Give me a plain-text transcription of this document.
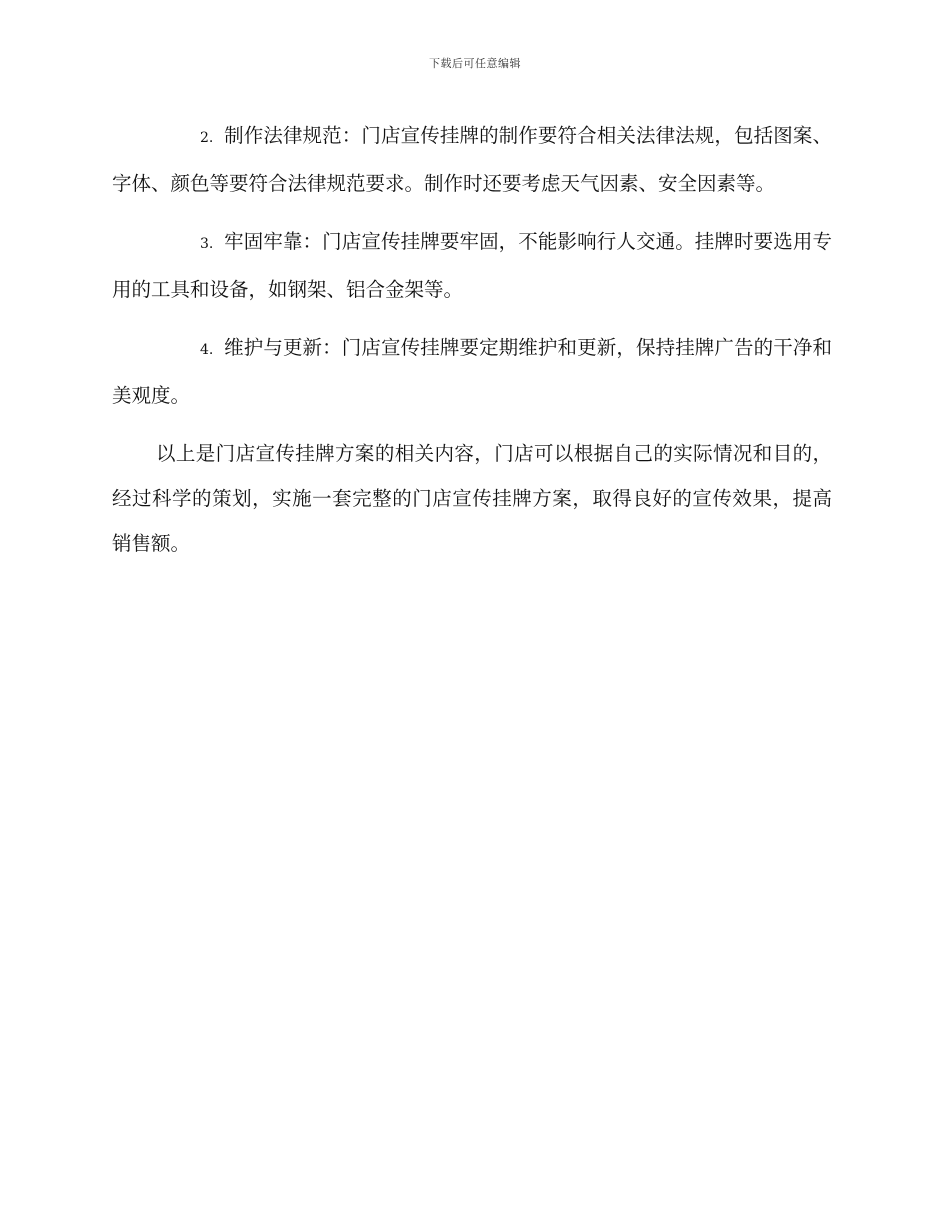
下载后可任意编辑

2. 制作法律规范：门店宣传挂牌的制作要符合相关法律法规，包括图案、字体、颜色等要符合法律规范要求。制作时还要考虑天气因素、安全因素等。

3. 牢固牢靠：门店宣传挂牌要牢固，不能影响行人交通。挂牌时要选用专用的工具和设备，如钢架、铝合金架等。

4. 维护与更新：门店宣传挂牌要定期维护和更新，保持挂牌广告的干净和美观度。

以上是门店宣传挂牌方案的相关内容，门店可以根据自己的实际情况和目的，经过科学的策划，实施一套完整的门店宣传挂牌方案，取得良好的宣传效果，提高销售额。
